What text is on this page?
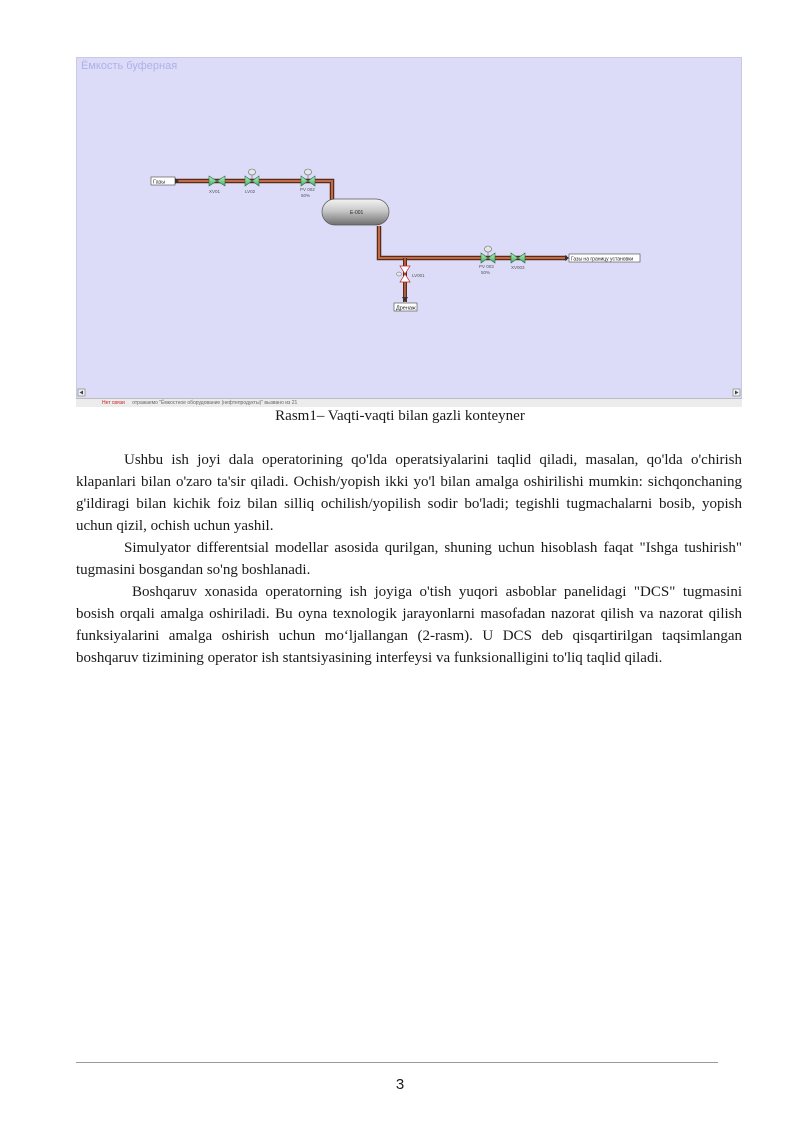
Ёмкость буферная
Газы
XV01	LV02	PV 002
50%
E-001
LV001
Дренаж
PV 003
50%
XV003
Газы на границу установки
Нет связи отражаемо "Ёмкостное оборудование (нефтепродукты)" вызвано из 21
Rasm1– Vaqti-vaqti bilan gazli konteyner

Ushbu ish joyi dala operatorining qo'lda operatsiyalarini taqlid qiladi, masalan, qo'lda o'chirish klapanlari bilan o'zaro ta'sir qiladi. Ochish/yopish ikki yo'l bilan amalga oshirilishi mumkin: sichqonchaning g'ildiragi bilan kichik foiz bilan silliq ochilish/yopilish sodir bo'ladi; tegishli tugmachalarni bosib, yopish uchun qizil, ochish uchun yashil.

Simulyator differentsial modellar asosida qurilgan, shuning uchun hisoblash faqat "Ishga tushirish" tugmasini bosgandan so'ng boshlanadi.

Boshqaruv xonasida operatorning ish joyiga o'tish yuqori asboblar panelidagi "DCS" tugmasini bosish orqali amalga oshiriladi. Bu oyna texnologik jarayonlarni masofadan nazorat qilish va nazorat qilish funksiyalarini amalga oshirish uchun mo‘ljallangan (2-rasm). U DCS deb qisqartirilgan taqsimlangan boshqaruv tizimining operator ish stantsiyasining interfeysi va funksionalligini to'liq taqlid qiladi.

3
